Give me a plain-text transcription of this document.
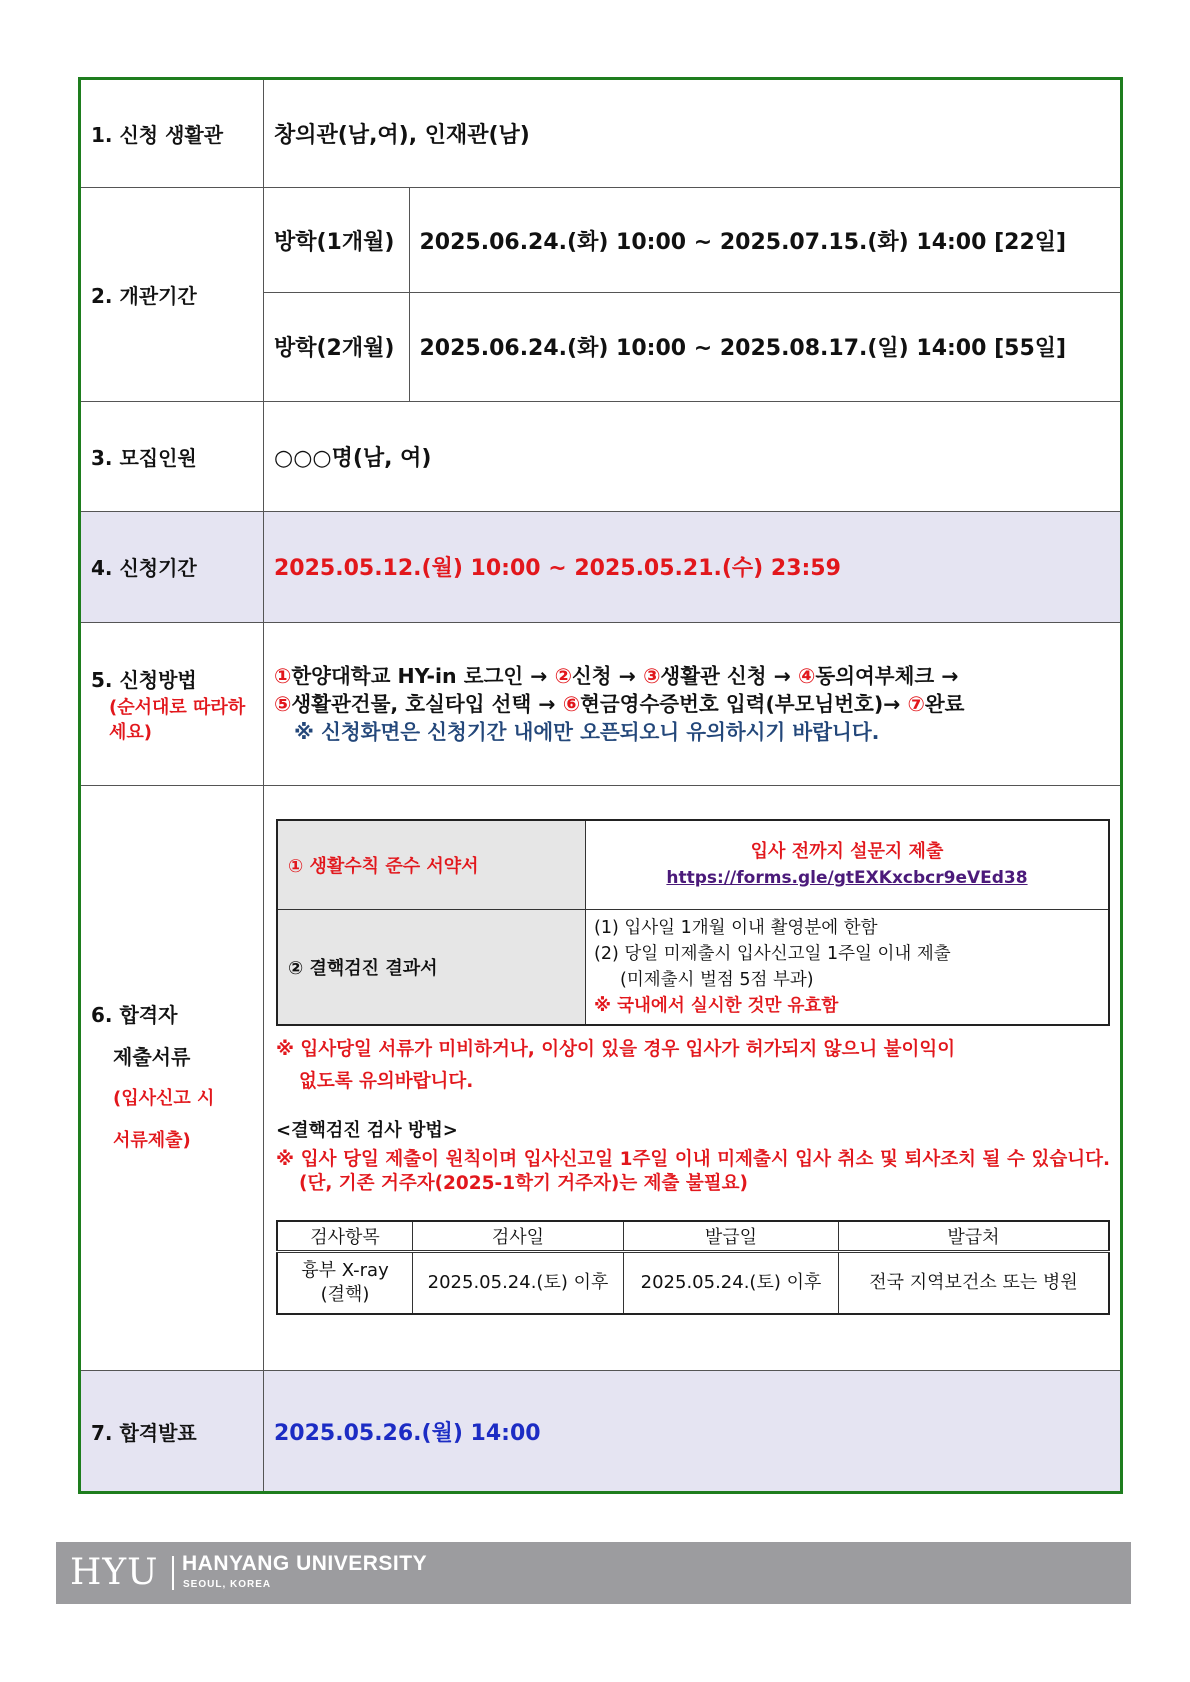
1. 신청 생활관	창의관(남,여), 인재관(남)
2. 개관기간	
방학(1개월)	2025.06.24.(화) 10:00 ~ 2025.07.15.(화) 14:00 [22일]
방학(2개월)	2025.06.24.(화) 10:00 ~ 2025.08.17.(일) 14:00 [55일]

3. 모집인원	○○○명(남, 여)
4. 신청기간	2025.05.12.(월) 10:00 ~ 2025.05.21.(수) 23:59

5. 신청방법
(순서대로 따라하세요)

①한양대학교 HY-in 로그인 → ②신청 → ③생활관 신청 → ④동의여부체크 →
⑤생활관건물, 호실타입 선택 → ⑥현금영수증번호 입력(부모님번호)→ ⑦완료
※ 신청화면은 신청기간 내에만 오픈되오니 유의하시기 바랍니다.

6. 합격자
제출서류
(입사신고 시
서류제출)

① 생활수칙 준수 서약서	
입사 전까지 설문지 제출
https://forms.gle/gtEXKxcbcr9eVEd38

② 결핵검진 결과서	
(1) 입사일 1개월 이내 촬영분에 한함
(2) 당일 미제출시 입사신고일 1주일 이내 제출
(미제출시 벌점 5점 부과)
※ 국내에서 실시한 것만 유효함
※ 입사당일 서류가 미비하거나, 이상이 있을 경우 입사가 허가되지 않으니 불이익이
없도록 유의바랍니다.
<결핵검진 검사 방법>
※ 입사 당일 제출이 원칙이며 입사신고일 1주일 이내 미제출시 입사 취소 및 퇴사조치 될 수 있습니다. (단, 기존 거주자(2025-1학기 거주자)는 제출 불필요)
검사항목	검사일	발급일	발급처

흉부 X-ray
(결핵)
	2025.05.24.(토) 이후	2025.05.24.(토) 이후	전국 지역보건소 또는 병원

7. 합격발표	2025.05.26.(월) 14:00
HYU HANYANG UNIVERSITY
SEOUL, KOREA
